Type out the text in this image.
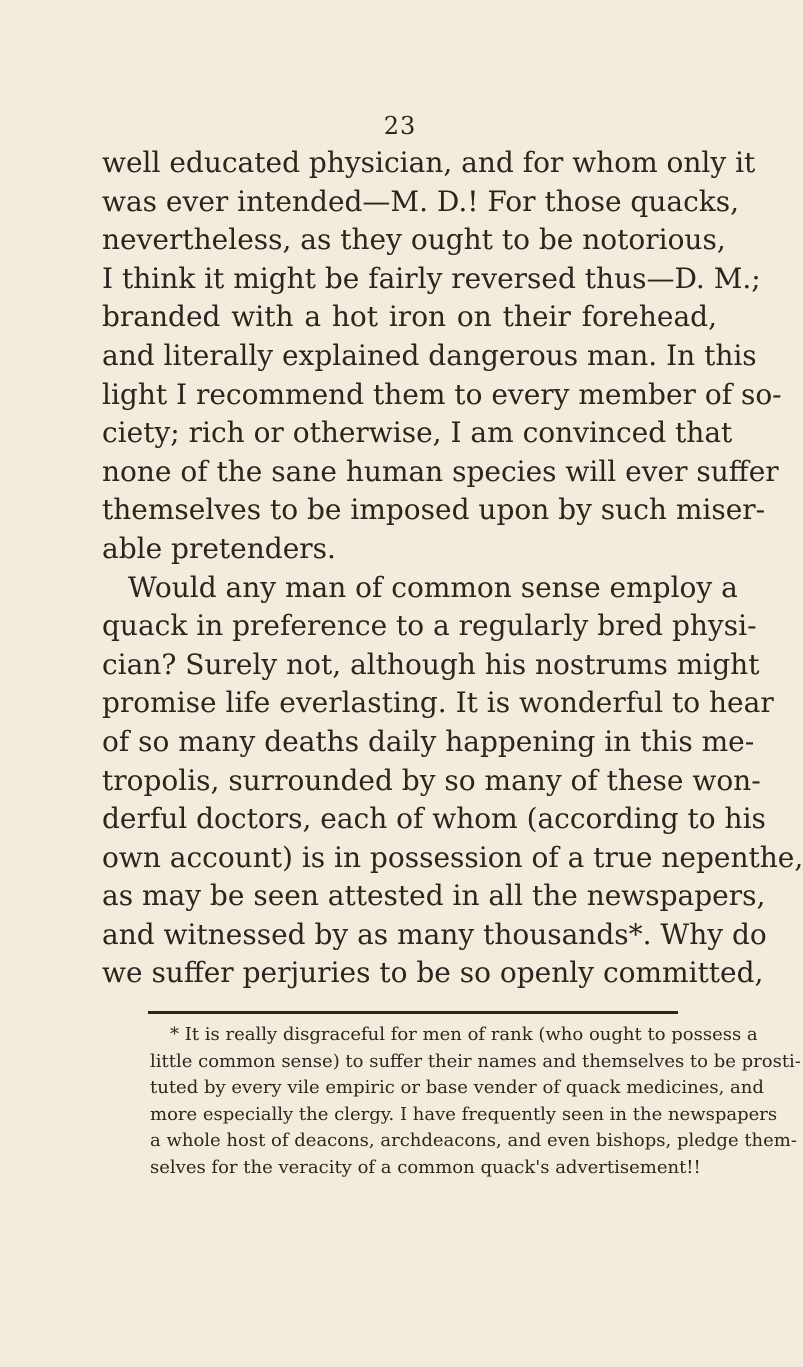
23
well educated physician, and for whom only it
was ever intended—M. D.! For those quacks,
nevertheless, as they ought to be notorious,
I think it might be fairly reversed thus—D. M.;
branded with a hot iron on their forehead,
and literally explained dangerous man. In this
light I recommend them to every member of so-
ciety; rich or otherwise, I am convinced that
none of the sane human species will ever suffer
themselves to be imposed upon by such miser-
able pretenders.
Would any man of common sense employ a
quack in preference to a regularly bred physi-
cian? Surely not, although his nostrums might
promise life everlasting. It is wonderful to hear
of so many deaths daily happening in this me-
tropolis, surrounded by so many of these won-
derful doctors, each of whom (according to his
own account) is in possession of a true nepenthe,
as may be seen attested in all the newspapers,
and witnessed by as many thousands*. Why do
we suffer perjuries to be so openly committed,
* It is really disgraceful for men of rank (who ought to possess a
little common sense) to suffer their names and themselves to be prosti-
tuted by every vile empiric or base vender of quack medicines, and
more especially the clergy. I have frequently seen in the newspapers
a whole host of deacons, archdeacons, and even bishops, pledge them-
selves for the veracity of a common quack's advertisement!!
